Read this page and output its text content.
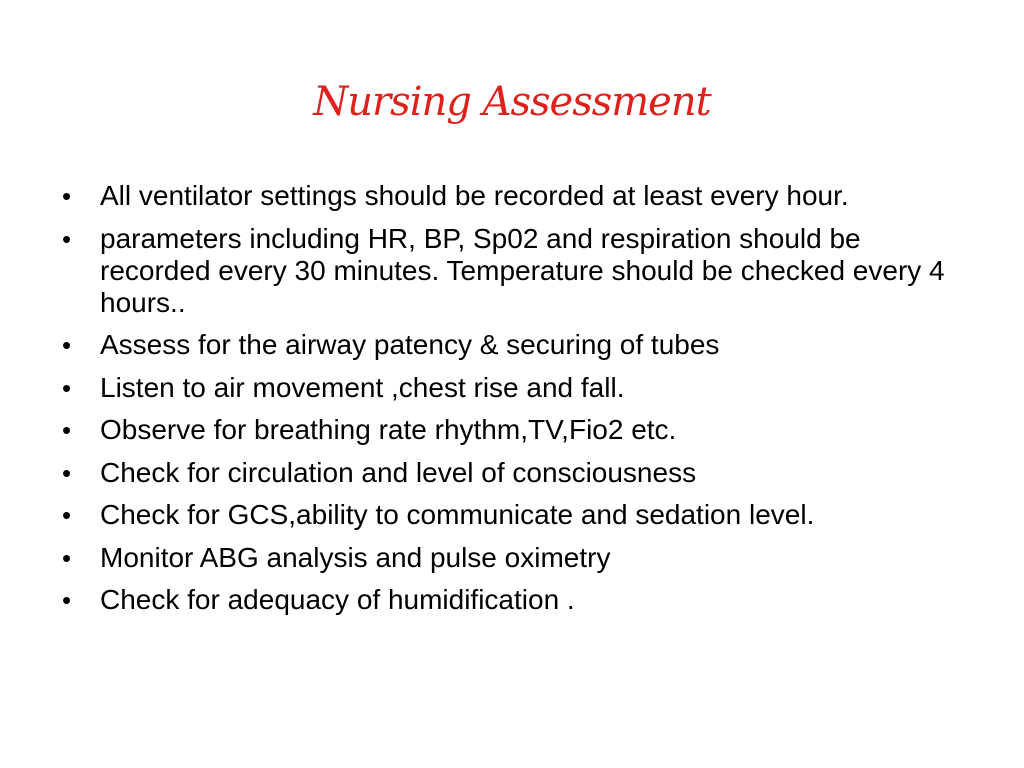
Nursing Assessment
•	All ventilator settings should be recorded at least every hour.
•	parameters including HR, BP, Sp02 and respiration should be recorded every 30 minutes. Temperature should be checked every 4 hours..
•	Assess for the airway patency & securing of tubes
•	Listen to air movement ,chest rise and fall.
•	Observe for breathing rate rhythm,TV,Fio2 etc.
•	Check for circulation and level of consciousness
•	Check for GCS,ability to communicate and sedation level.
•	Monitor ABG analysis and pulse oximetry
•	Check for adequacy of humidification .
